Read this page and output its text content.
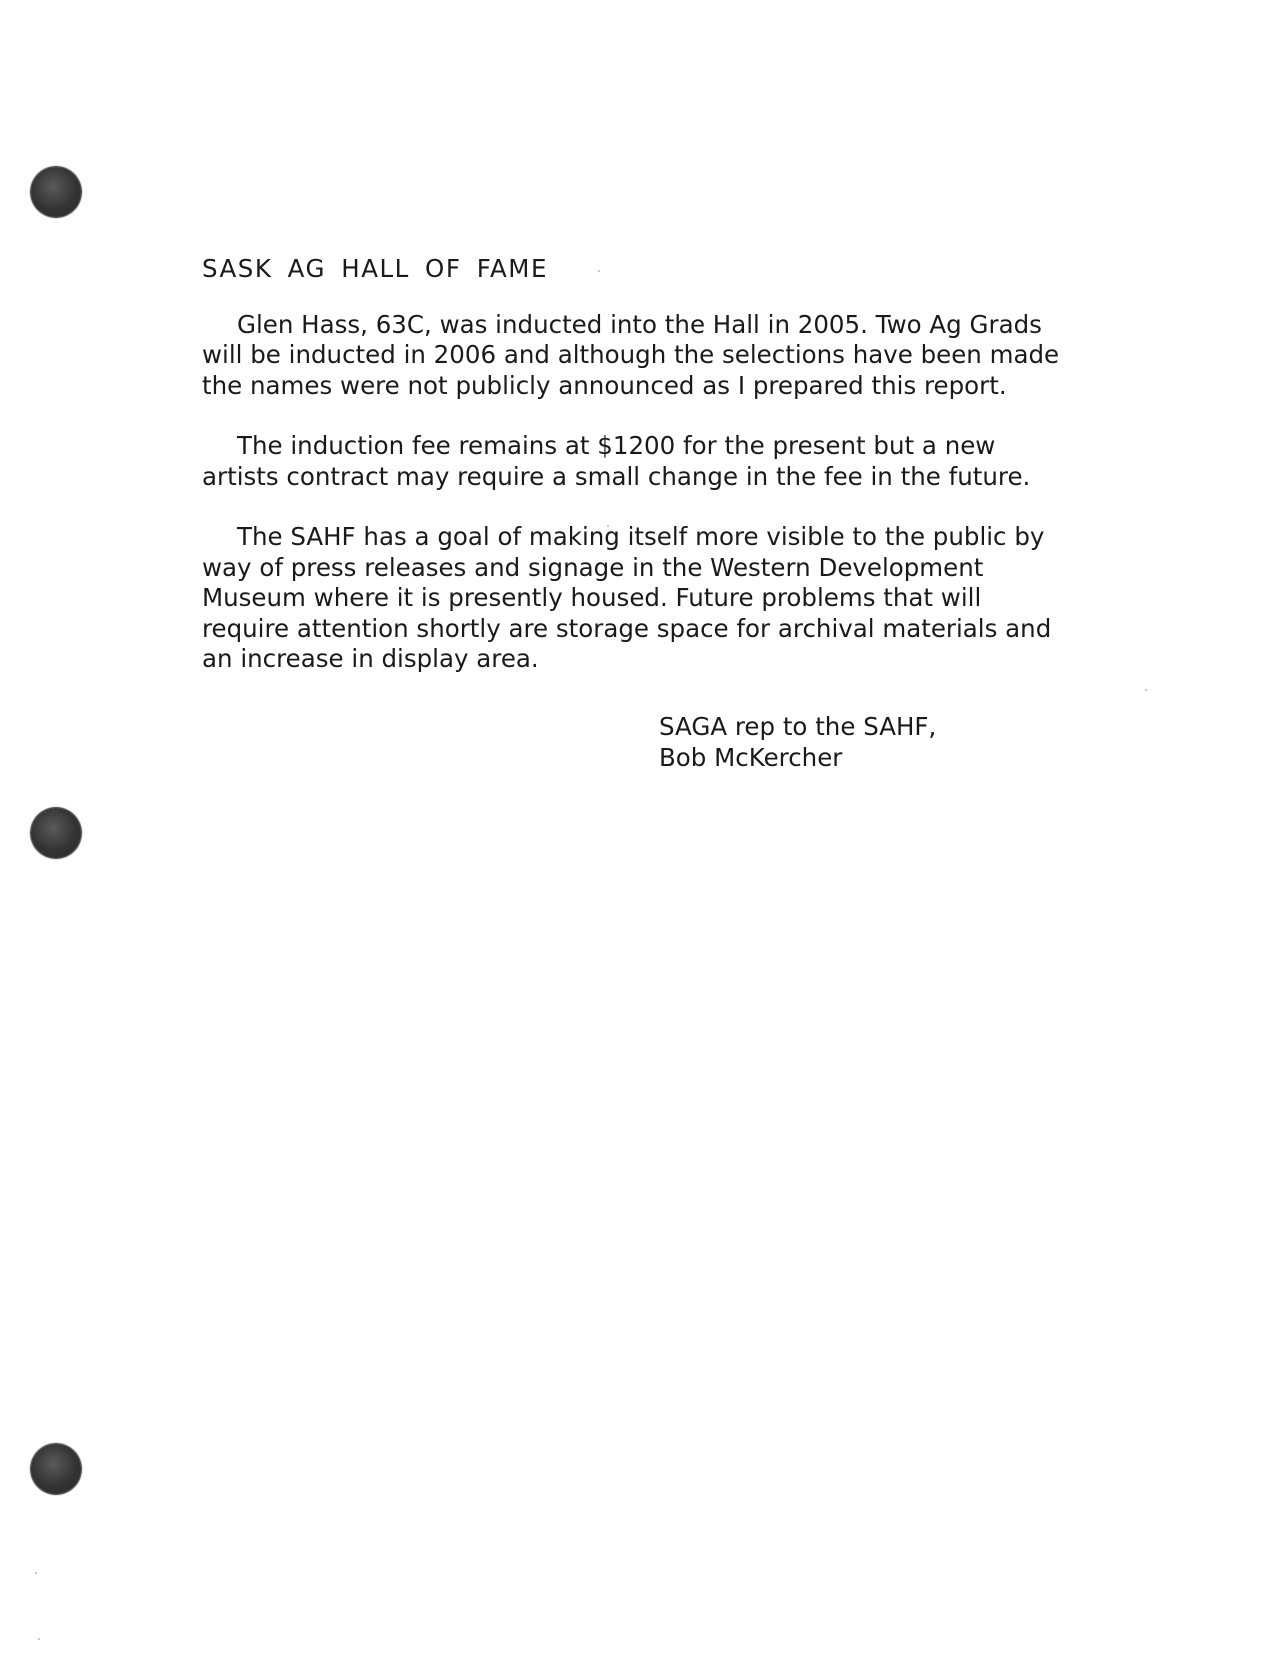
SASK AG HALL OF FAME

Glen Hass, 63C, was inducted into the Hall in 2005. Two Ag Grads
will be inducted in 2006 and although the selections have been made
the names were not publicly announced as I prepared this report.

The induction fee remains at $1200 for the present but a new
artists contract may require a small change in the fee in the future.

The SAHF has a goal of making itself more visible to the public by
way of press releases and signage in the Western Development
Museum where it is presently housed. Future problems that will
require attention shortly are storage space for archival materials and
an increase in display area.

SAGA rep to the SAHF,
Bob McKercher
